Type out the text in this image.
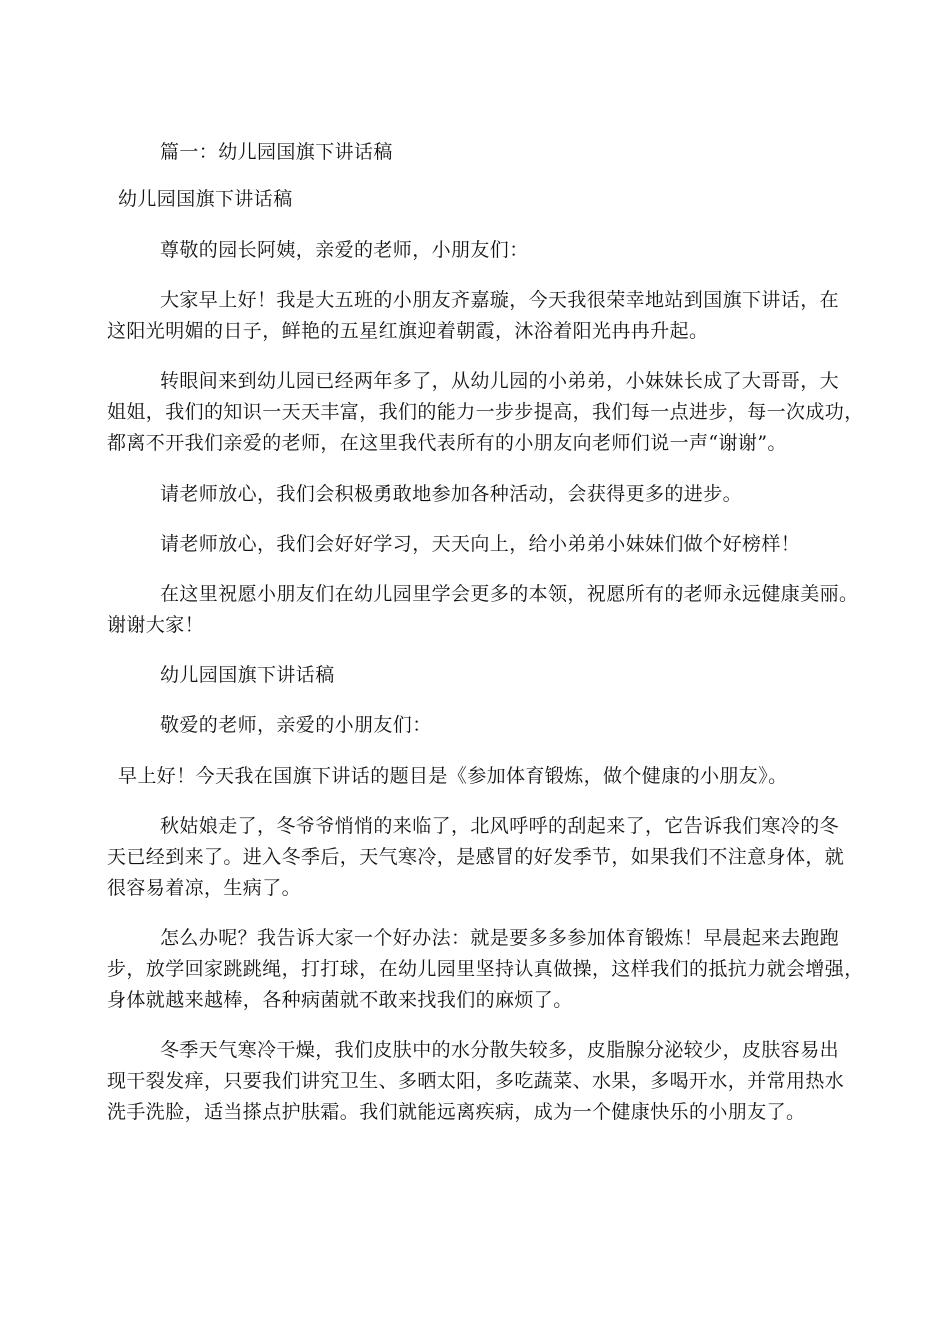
篇一：幼儿园国旗下讲话稿
幼儿园国旗下讲话稿
尊敬的园长阿姨，亲爱的老师，小朋友们：
大家早上好！我是大五班的小朋友齐嘉璇，今天我很荣幸地站到国旗下讲话，在
这阳光明媚的日子，鲜艳的五星红旗迎着朝霞，沐浴着阳光冉冉升起。
转眼间来到幼儿园已经两年多了，从幼儿园的小弟弟，小妹妹长成了大哥哥，大
姐姐，我们的知识一天天丰富，我们的能力一步步提高，我们每一点进步，每一次成功，
都离不开我们亲爱的老师，在这里我代表所有的小朋友向老师们说一声“谢谢”。
请老师放心，我们会积极勇敢地参加各种活动，会获得更多的进步。
请老师放心，我们会好好学习，天天向上，给小弟弟小妹妹们做个好榜样！
在这里祝愿小朋友们在幼儿园里学会更多的本领，祝愿所有的老师永远健康美丽。
谢谢大家！
幼儿园国旗下讲话稿
敬爱的老师，亲爱的小朋友们：
早上好！今天我在国旗下讲话的题目是《参加体育锻炼，做个健康的小朋友》。
秋姑娘走了，冬爷爷悄悄的来临了，北风呼呼的刮起来了，它告诉我们寒冷的冬
天已经到来了。进入冬季后，天气寒冷，是感冒的好发季节，如果我们不注意身体，就
很容易着凉，生病了。
怎么办呢？我告诉大家一个好办法：就是要多多参加体育锻炼！早晨起来去跑跑
步，放学回家跳跳绳，打打球，在幼儿园里坚持认真做操，这样我们的抵抗力就会增强，
身体就越来越棒，各种病菌就不敢来找我们的麻烦了。
冬季天气寒冷干燥，我们皮肤中的水分散失较多，皮脂腺分泌较少，皮肤容易出
现干裂发痒，只要我们讲究卫生、多晒太阳，多吃蔬菜、水果，多喝开水，并常用热水
洗手洗脸，适当搽点护肤霜。我们就能远离疾病，成为一个健康快乐的小朋友了。
